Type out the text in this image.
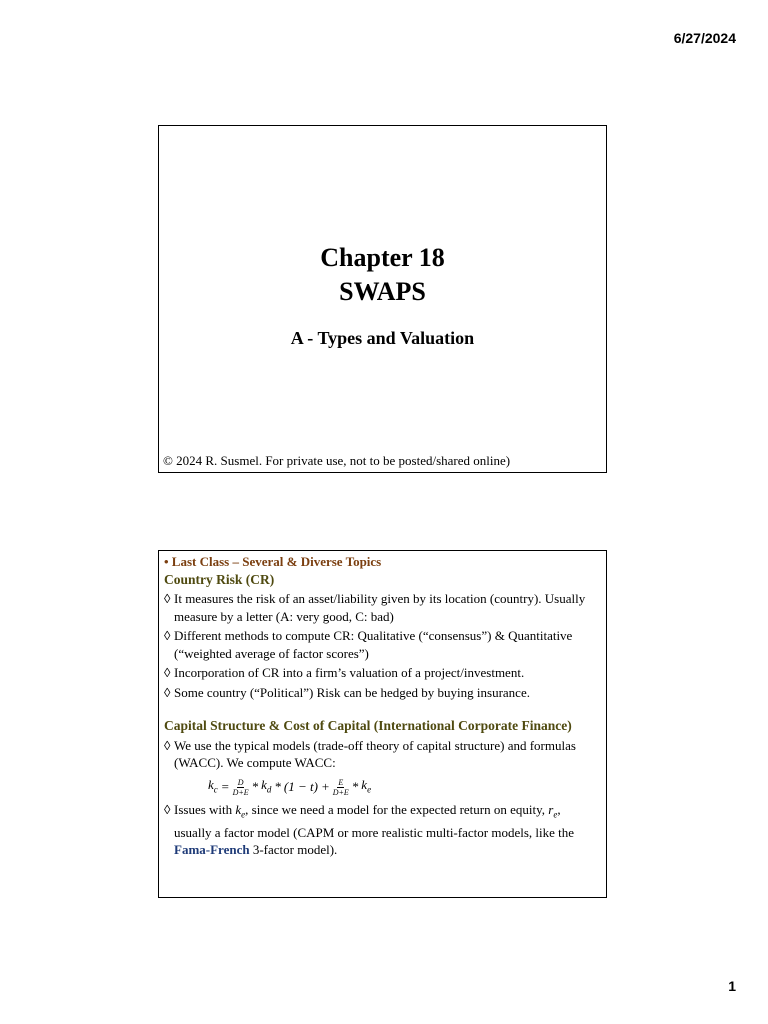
6/27/2024
Chapter 18
SWAPS
A - Types and Valuation
© 2024 R. Susmel. For private use, not to be posted/shared online)
• Last Class – Several & Diverse Topics
Country Risk (CR)
◊ It measures the risk of an asset/liability given by its location (country). Usually measure by a letter (A: very good, C: bad)
◊ Different methods to compute CR: Qualitative (“consensus”) & Quantitative (“weighted average of factor scores”)
◊ Incorporation of CR into a firm’s valuation of a project/investment.
◊ Some country (“Political”) Risk can be hedged by buying insurance.
Capital Structure & Cost of Capital (International Corporate Finance)
◊ We use the typical models (trade-off theory of capital structure) and formulas (WACC). We compute WACC:
$k_c = \frac{D}{D+E} * k_d * (1 - t) + \frac{E}{D+E} * k_e$
◊ Issues with $k_e$, since we need a model for the expected return on equity, $r_e$, usually a factor model (CAPM or more realistic multi-factor models, like the Fama-French 3-factor model).
1
